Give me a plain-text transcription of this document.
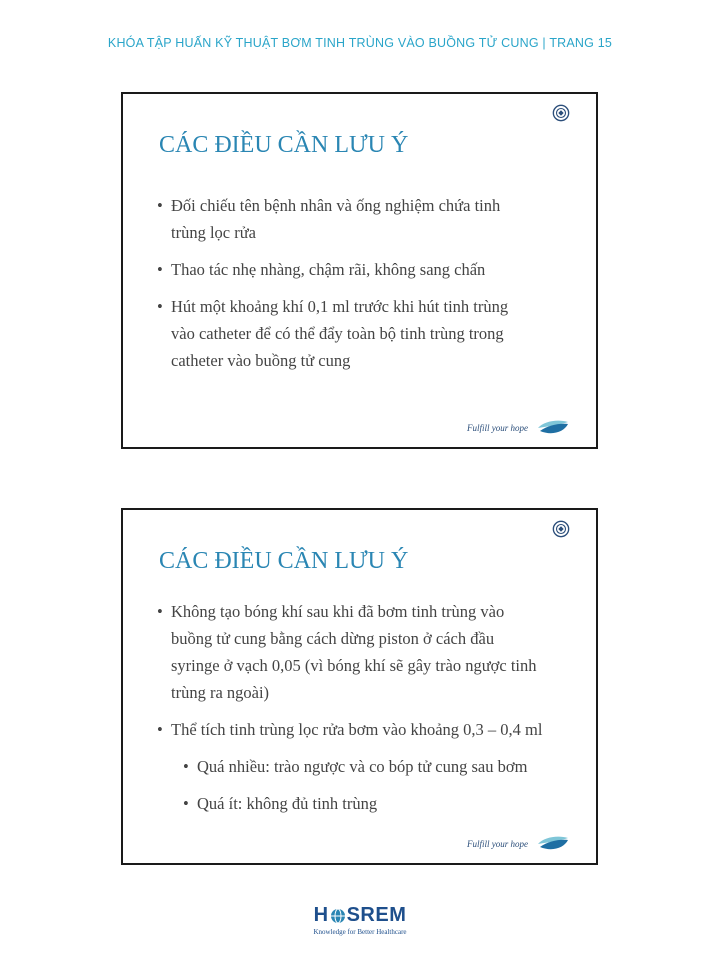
KHÓA TẬP HUẤN KỸ THUẬT BƠM TINH TRÙNG VÀO BUỒNG TỬ CUNG | TRANG 15
CÁC ĐIỀU CẦN LƯU Ý
• Đối chiếu tên bệnh nhân và ống nghiệm chứa tinh
trùng lọc rửa
• Thao tác nhẹ nhàng, chậm rãi, không sang chấn
• Hút một khoảng khí 0,1 ml trước khi hút tinh trùng
vào catheter để có thể đẩy toàn bộ tinh trùng trong
catheter vào buồng tử cung
Fulfill your hope
CÁC ĐIỀU CẦN LƯU Ý
• Không tạo bóng khí sau khi đã bơm tinh trùng vào
buồng tử cung bằng cách dừng piston ở cách đầu
syringe ở vạch 0,05 (vì bóng khí sẽ gây trào ngược tinh
trùng ra ngoài)
• Thể tích tinh trùng lọc rửa bơm vào khoảng 0,3 – 0,4 ml
• Quá nhiều: trào ngược và co bóp tử cung sau bơm
• Quá ít: không đủ tinh trùng
Fulfill your hope
H SREM
Knowledge for Better Healthcare
